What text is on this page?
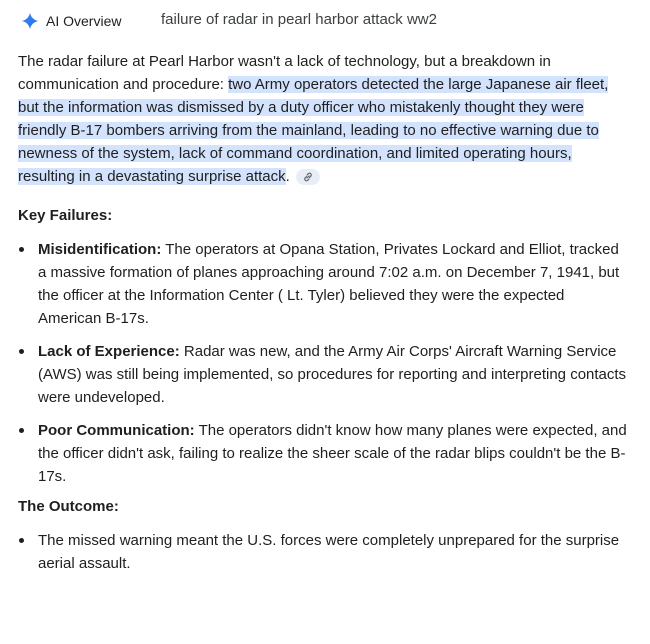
AI Overview	failure of radar in pearl harbor attack ww2
The radar failure at Pearl Harbor wasn't a lack of technology, but a breakdown in communication and procedure: two Army operators detected the large Japanese air fleet, but the information was dismissed by a duty officer who mistakenly thought they were friendly B-17 bombers arriving from the mainland, leading to no effective warning due to newness of the system, lack of command coordination, and limited operating hours, resulting in a devastating surprise attack.
Key Failures:
Misidentification: The operators at Opana Station, Privates Lockard and Elliot, tracked a massive formation of planes approaching around 7:02 a.m. on December 7, 1941, but the officer at the Information Center ( Lt. Tyler) believed they were the expected American B-17s.
Lack of Experience: Radar was new, and the Army Air Corps' Aircraft Warning Service (AWS) was still being implemented, so procedures for reporting and interpreting contacts were undeveloped.
Poor Communication: The operators didn't know how many planes were expected, and the officer didn't ask, failing to realize the sheer scale of the radar blips couldn't be the B-17s.
The Outcome:
The missed warning meant the U.S. forces were completely unprepared for the surprise aerial assault.
